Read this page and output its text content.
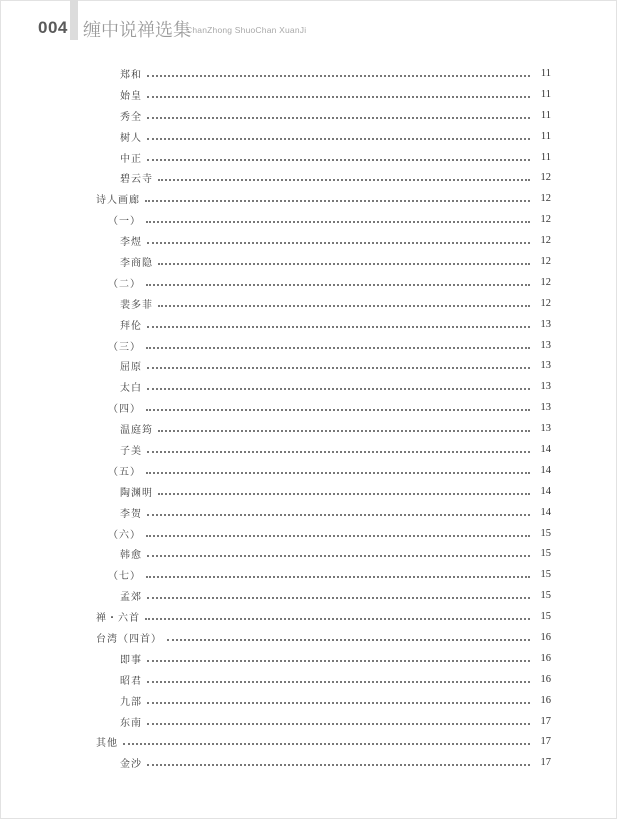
004 缠中说禅选集
ChanZhong ShuoChan XuanJi
郑和	11
始皇	11
秀全	11
树人	11
中正	11
碧云寺	12
诗人画廊	12
（一）	12
李煜	12
李商隐	12
（二）	12
裴多菲	12
拜伦	13
（三）	13
屈原	13
太白	13
（四）	13
温庭筠	13
子美	14
（五）	14
陶渊明	14
李贺	14
（六）	15
韩愈	15
（七）	15
孟郊	15
禅・六首	15
台湾（四首）	16
即事	16
昭君	16
九部	16
东南	17
其他	17
金沙	17
